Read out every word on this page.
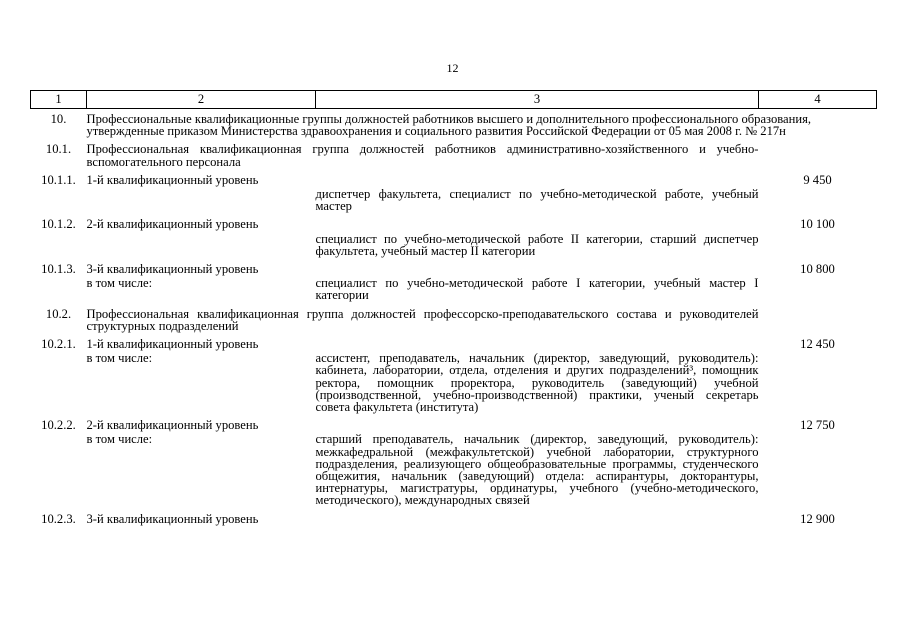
12
1	2	3	4
10.	Профессиональные квалификационные группы должностей работников высшего и дополнительного профессионального образования, утвержденные приказом Министерства здравоохранения и социального развития Российской Федерации от 05 мая 2008 г. № 217н		
10.1.	Профессиональная квалификационная группа должностей работников административно-хозяйственного и учебно-вспомогательного персонала		
10.1.1.	1-й квалификационный уровень		9 450
		диспетчер факультета, специалист по учебно-методической работе, учебный мастер	
10.1.2.	2-й квалификационный уровень		10 100
		специалист по учебно-методической работе II категории, старший диспетчер факультета, учебный мастер II категории	
10.1.3.	3-й квалификационный уровень		10 800
	в том числе:	специалист по учебно-методической работе I категории, учебный мастер I категории	
10.2.	Профессиональная квалификационная группа должностей профессорско-преподавательского состава и руководителей структурных подразделений		
10.2.1.	1-й квалификационный уровень		12 450
	в том числе:	ассистент, преподаватель, начальник (директор, заведующий, руководитель): кабинета, лаборатории, отдела, отделения и других подразделений³, помощник ректора, помощник проректора, руководитель (заведующий) учебной (производственной, учебно-производственной) практики, ученый секретарь совета факультета (института)	
10.2.2.	2-й квалификационный уровень		12 750
	в том числе:	старший преподаватель, начальник (директор, заведующий, руководитель): межкафедральной (межфакультетской) учебной лаборатории, структурного подразделения, реализующего общеобразовательные программы, студенческого общежития, начальник (заведующий) отдела: аспирантуры, докторантуры, интернатуры, магистратуры, ординатуры, учебного (учебно-методического, методического), международных связей	
10.2.3.	3-й квалификационный уровень		12 900
